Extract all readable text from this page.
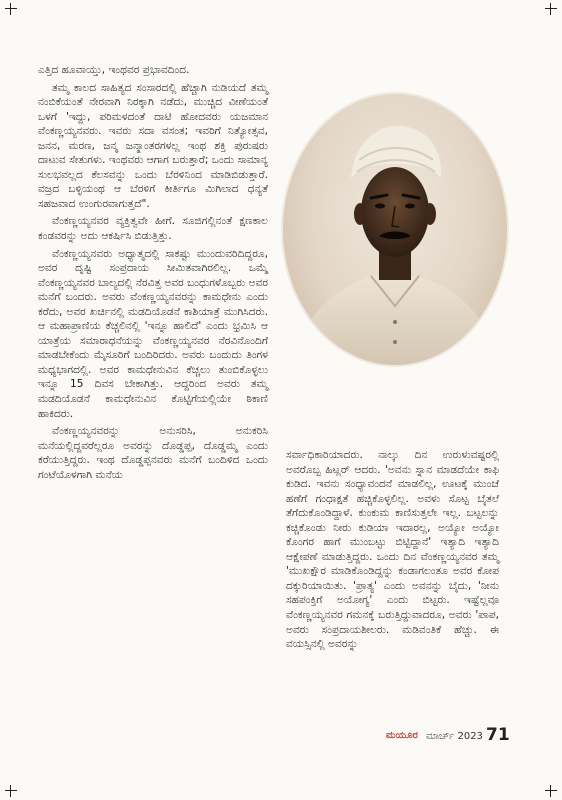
ಎತ್ತಿದ ಹೂವಾಯ್ತು, ಇಂಥವರ ಪ್ರಭಾವದಿಂದ.

ತಮ್ಮ ಕಾಲದ ಸಾಹಿತ್ಯದ ಸಂಸಾರದಲ್ಲಿ ಹೆಚ್ಚಾಗಿ ನುಡಿಯದೆ ತಮ್ಮ ನಂಬಿಕೆಯಂತೆ ನೇರವಾಗಿ ನಿರಕ್ಕಾಗಿ ನಡೆದು, ಮುಚ್ಚಿದ ವೀಣೆಯಂತೆ ಒಳಗೆ 'ಇದ್ದು, ಪರಿಮಳದಂತೆ ದಾಟಿ ಹೋದವರು ಯಜಮಾನ ವೆಂಕಣ್ಣಯ್ಯನವರು. ಇವರು ಸದಾ ವಸಂತ; ಇವರಿಗೆ ನಿತ್ಯೋತ್ಸವ, ಜನನ, ಮರಣ, ಜನ್ಮ ಜನ್ಮಾಂತರಗಳಲ್ಲ ಇಂಥ ಶಕ್ತಿ ಪುರುಷರು ದಾಟುವ ಸೇತುಗಳು. ಇಂಥವರು ಆಗಾಗ ಬರುತ್ತಾರೆ; ಒಂದು ಸಾಮಾನ್ಯ ಸುಲಭವಲ್ಲದ ಕೆಲಸವನ್ನು ಒಂದು ಬೆರಳಿನಿಂದ ಮಾಡಿಬಿಡುತ್ತಾರೆ. ವಜ್ರದ ಬಳ್ಳಿಯಂಥ ಆ ಬೆರಳಿಗೆ ಕೀರ್ತಿಗೂ ಮಿಗಿಲಾದ ಧನ್ಯತೆ ಸಹಜವಾದ ಉಂಗುರವಾಗುತ್ತದೆ".

ವೆಂಕಣ್ಣಯ್ಯನವರ ವ್ಯಕ್ತಿತ್ವವೇ ಹೀಗೆ. ಸೂಜಿಗಲ್ಲಿನಂತೆ ಕ್ಷಣಕಾಲ ಕಂಡವರನ್ನು ಅದು ಆಕರ್ಷಿಸಿ ಬಿಡುತ್ತಿತ್ತು.

ವೆಂಕಣ್ಣಯ್ಯನವರು ಅಧ್ಯಾತ್ಮದಲ್ಲಿ ಸಾಕಷ್ಟು ಮುಂದುವರಿದಿದ್ದರೂ, ಅವರ ದೃಷ್ಟಿ ಸಂಪ್ರದಾಯ ಸೀಮಿತವಾಗಿರಲಿಲ್ಲ. ಒಮ್ಮೆ ವೆಂಕಣ್ಣಯ್ಯನವರ ಬಾಲ್ಯದಲ್ಲಿ ನೆರವಿತ್ತ ಅವರ ಬಂಧುಗಳೊಬ್ಬರು ಅವರ ಮನೆಗೆ ಬಂದರು. ಅವರು ವೆಂಕಣ್ಣಯ್ಯನವರನ್ನು ಕಾಮಧೇನು ಎಂದು ಕರೆದು, ಅವರ ಖರ್ಚಿನಲ್ಲಿ ಮಡದಿಯೊಡನೆ ಕಾಶಿಯಾತ್ರೆ ಮುಗಿಸಿದರು. ಆ ಮಹಾಪ್ರಾಣಿಯ ಕೆಚ್ಚಲಿನಲ್ಲಿ 'ಇನ್ನೂ ಹಾಲಿದೆ' ಎಂದು ಭ್ರಮಿಸಿ ಆ ಯಾತ್ರೆಯ ಸಮಾರಾಧನೆಯನ್ನು ವೆಂಕಣ್ಣಯ್ಯನವರ ನೆರವಿನೊಂದಿಗೆ ಮಾಡಬೇಕೆಂದು ಮೈಸೂರಿಗೆ ಬಂದಿರಿದರು. ಅವರು ಬಂದುದು ತಿಂಗಳ ಮಧ್ಯಭಾಗದಲ್ಲಿ. ಅವರ ಕಾಮಧೇನುವಿನ ಕೆಚ್ಚಲು ತುಂಬಿಕೊಳ್ಳಲು ಇನ್ನೂ 15 ದಿವಸ ಬೇಕಾಗಿತ್ತು. ಆದ್ದರಿಂದ ಅವರು ತಮ್ಮ ಮಡದಿಯೊಡನೆ ಕಾಮಧೇನುವಿನ ಕೊಟ್ಟಿಗೆಯಲ್ಲಿಯೇ ಠಿಕಾಣಿ ಹಾಕಿದರು.

ವೆಂಕಣ್ಣಯ್ಯನವರನ್ನು ಅನುಸರಿಸಿ, ಅನುಕರಿಸಿ ಮನೆಯಲ್ಲಿದ್ದವರೆಲ್ಲರೂ ಅವರನ್ನು ದೊಡ್ಡಪ್ಪ, ದೊಡ್ಡಮ್ಮ ಎಂದು ಕರೆಯುತ್ತಿದ್ದರು. ಇಂಥ ದೊಡ್ಡಪ್ಪನವರು ಮನೆಗೆ ಬಂದಿಳಿದ ಒಂದು ಗಂಟೆಯೊಳಗಾಗಿ ಮನೆಯ

ಸರ್ವಾಧಿಕಾರಿಯಾದರು. ನಾಲ್ಕು ದಿನ ಉರುಳುವಷ್ಟರಲ್ಲಿ ಅವರೊಬ್ಬ ಹಿಟ್ಲರ್ ಆದರು. 'ಅವನು ಸ್ನಾನ ಮಾಡದೆಯೇ ಕಾಫಿ ಕುಡಿದ. ಇವನು ಸಂಧ್ಯಾವಂದನೆ ಮಾಡಲಿಲ್ಲ, ಊಟಕ್ಕೆ ಮುಂಚೆ ಹಣೆಗೆ ಗಂಧಾಕ್ಷತೆ ಹಚ್ಚಿಕೊಳ್ಳಲಿಲ್ಲ. ಅವಳು ಸೊಟ್ಟ ಬೈತಲೆ ತೆಗೆದುಕೊಂಡಿದ್ದಾಳೆ. ಕುಂಕುಮ ಕಾಣಿಸುತ್ತಲೇ ಇಲ್ಲ. ಬಟ್ಟಲನ್ನು ಕಚ್ಚಿಕೊಂಡು ನೀರು ಕುಡಿಯಾ ಇದಾರಲ್ಲ, ಅಯ್ಯೋ ಅಯ್ಯೋ ಕೊಂಗರ ಹಾಗೆ ಮುಂಬಟ್ಟು ಬಿಟ್ಟಿದ್ದಾನೆ' ಇತ್ಯಾದಿ ಇತ್ಯಾದಿ ಆಕ್ಷೇಪಣೆ ಮಾಡುತ್ತಿದ್ದರು. ಒಂದು ದಿನ ವೆಂಕಣ್ಣಯ್ಯನವರ ತಮ್ಮ 'ಮುಖಕ್ಷೌರ ಮಾಡಿಕೊಂಡಿದ್ದನ್ನು ಕಂಡಾಗಲಂತೂ ಅವರ ಕೋಪ ದಕ್ಕುರಿಯಾಯಿತು. 'ಪ್ರಾತ್ಯ' ಎಂದು ಅವನನ್ನು ಬೈದು, 'ನೀನು ಸಹಪಂಕ್ತಿಗೆ ಅಯೋಗ್ಯ' ಎಂದು ಬಿಟ್ಟರು. ಇಷ್ಟೆಲ್ಲವೂ ವೆಂಕಣ್ಣಯ್ಯನವರ ಗಮನಕ್ಕೆ ಬರುತ್ತಿದ್ದುವಾದರೂ, ಅವರು 'ಪಾಪ, ಅವರು ಸಂಪ್ರದಾಯಶೀಲರು. ಮಡಿವಂತಿಕೆ ಹೆಚ್ಚು. ಈ ವಯಸ್ಸಿನಲ್ಲಿ ಅವರನ್ನು

ಮಯೂರ ಮಾರ್ಚ್ 2023 71
